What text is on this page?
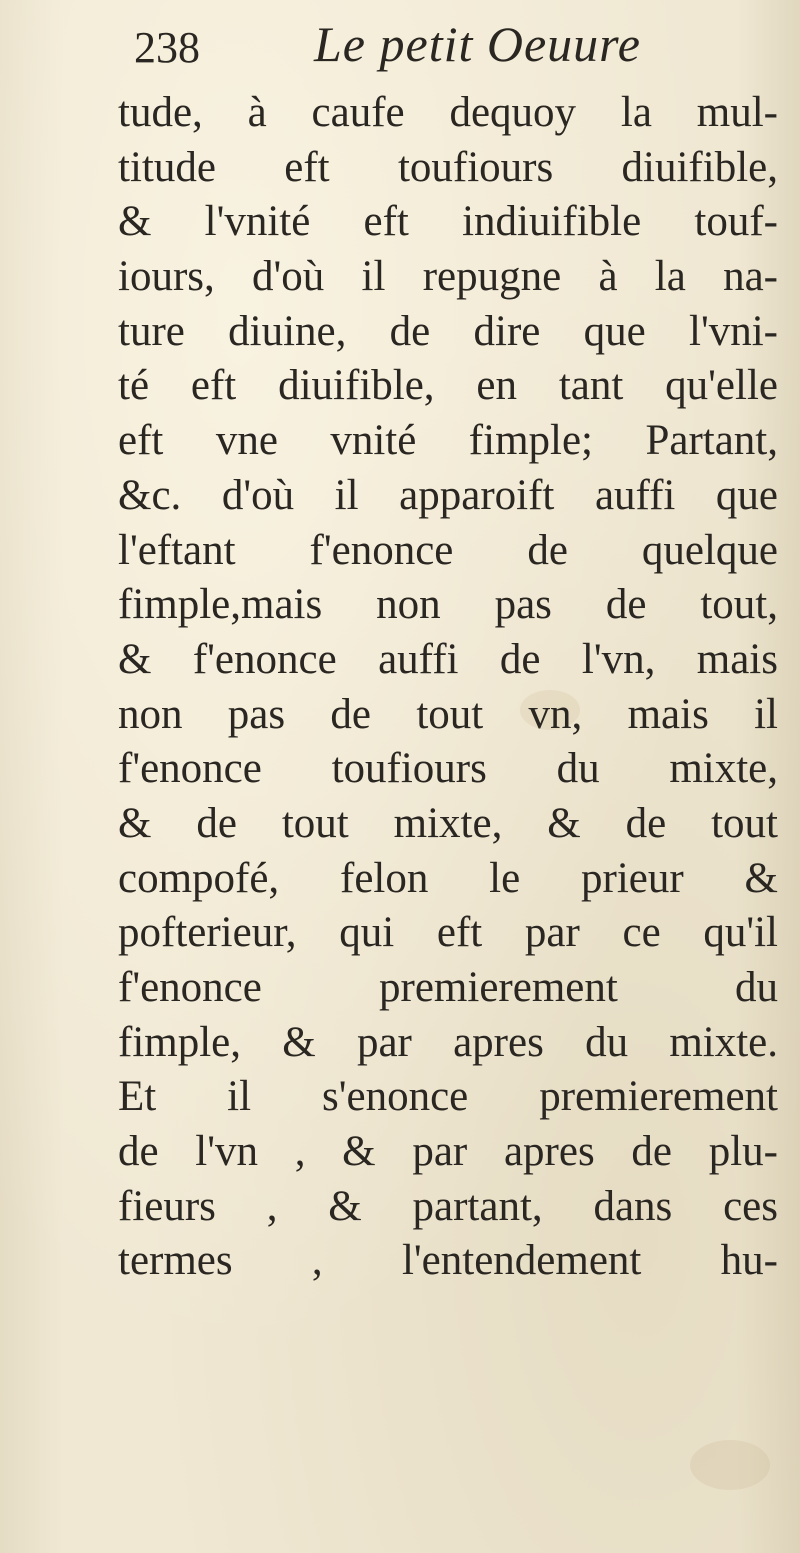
238 Le petit Oeuure
tude, à caufe dequoy la mul-
titude eft toufiours diuifible,
& l'vnité eft indiuifible touf-
iours, d'où il repugne à la na-
ture diuine, de dire que l'vni-
té eft diuifible, en tant qu'elle
eft vne vnité fimple; Partant,
&c. d'où il apparoift auffi que
l'eftant f'enonce de quelque
fimple,mais non pas de tout,
& f'enonce auffi de l'vn, mais
non pas de tout vn, mais il
f'enonce toufiours du mixte,
& de tout mixte, & de tout
compofé, felon le prieur &
pofterieur, qui eft par ce qu'il
f'enonce premierement du
fimple, & par apres du mixte.
Et il s'enonce premierement
de l'vn , & par apres de plu-
fieurs , & partant, dans ces
termes , l'entendement hu-
